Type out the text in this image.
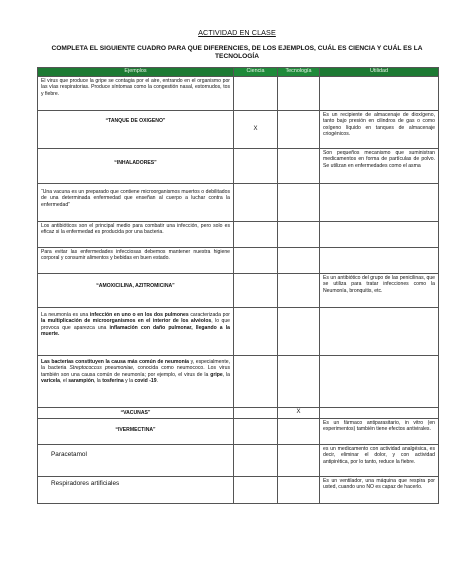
ACTIVIDAD EN CLASE
COMPLETA EL SIGUIENTE CUADRO PARA QUE DIFERENCIES, DE LOS EJEMPLOS, CUÁL ES CIENCIA Y CUÁL ES LA TECNOLOGÍA
Ejemplos	Ciencia	Tecnología	Utilidad
El virus que produce la gripe se contagia por el aire, entrando en el organismo por las vías respiratorias. Produce síntomas como la congestión nasal, estornudos, tos y fiebre.			

“TANQUE DE OXIGENO”	X		Es un recipiente de almacenaje de dioxígeno, tanto bajo presión en cilindros de gas o como oxígeno líquido en tanques de almacenaje criogénicos.

“INHALADORES”			Son pequeños mecanismo que suministran medicamentos en forma de partículas de polvo. Se utilizan en enfermedades como el asma
“Una vacuna es un preparado que contiene microorganismos muertos o debilitados de una determinada enfermedad que enseñan al cuerpo a luchar contra la enfermedad”			
Los antibióticos son el principal medio para combatir una infección, pero solo es eficaz si la enfermedad es producida por una bacteria.			
Para evitar las enfermedades infecciosas debemos mantener nuestra higiene corporal y consumir alimentos y bebidas en buen estado.			

“AMOXICILINA, AZITROMICINA”			Es un antibiótico del grupo de las penicilinas, que se utiliza para tratar infecciones como la Neumonía, bronquitis, etc.
La neumonía es una infección en uno o en los dos pulmones caracterizada por la multiplicación de microorganismos en el interior de los alvéolos, lo que provoca que aparezca una inflamación con daño pulmonar, llegando a la muerte.			
Las bacterias constituyen la causa más común de neumonía y, especialmente, la bacteria Streptococcus pneumoniae, conocida como neumococo. Los virus también son una causa común de neumonía; por ejemplo, el virus de la gripe, la varicela, el sarampión, la tosferina y la covid -19.			

“VACUNAS”		X	

“IVERMECTINA”			Es un fármaco antiparasitario, in vitro (en experimentos) también tiene efectos antivirales.

Paracetamol			es un medicamento con actividad analgésica, es decir, eliminar el dolor, y con actividad antipirética, por lo tanto, reduce la fiebre.

Respiradores artificiales			Es un ventilador, una máquina que respira por usted, cuando uno NO es capaz de hacerlo.
